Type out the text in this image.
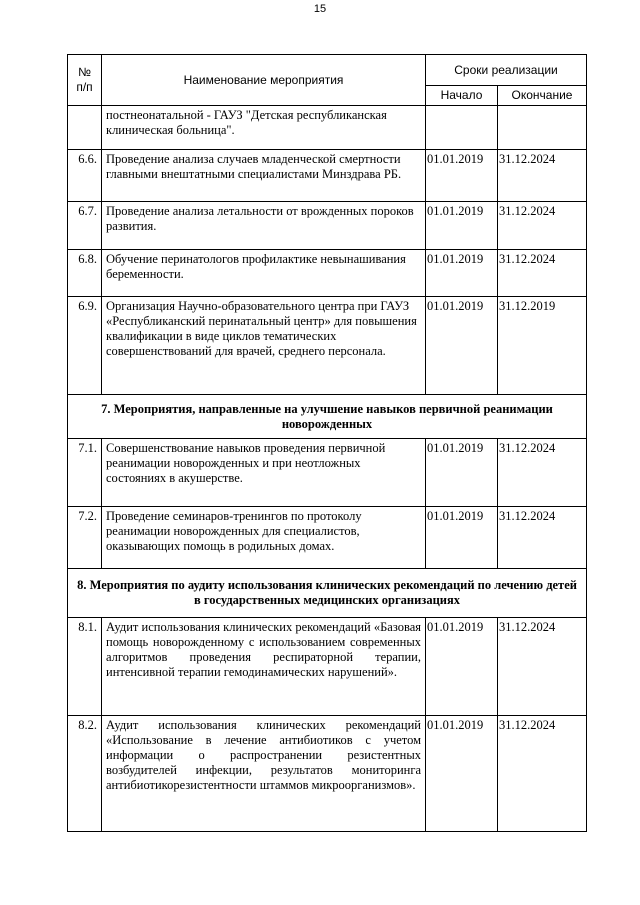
15
№
п/п	Наименование мероприятия	Сроки реализации	
		Начало	Окончание
	постнеонатальной - ГАУЗ "Детская республиканская клиническая больница".		
6.6.	Проведение анализа случаев младенческой смертности главными внештатными специалистами Минздрава РБ.	01.01.2019	31.12.2024
6.7.	Проведение анализа летальности от врожденных пороков развития.	01.01.2019	31.12.2024
6.8.	Обучение перинатологов профилактике невынашивания беременности.	01.01.2019	31.12.2024
6.9.	Организация Научно-образовательного центра при ГАУЗ «Республиканский перинатальный центр» для повышения квалификации в виде циклов тематических совершенствований для врачей, среднего персонала.	01.01.2019	31.12.2019
7. Мероприятия, направленные на улучшение навыков первичной реанимации новорожденных			
7.1.	Совершенствование навыков проведения первичной реанимации новорожденных и при неотложных состояниях в акушерстве.	01.01.2019	31.12.2024
7.2.	Проведение семинаров-тренингов по протоколу реанимации новорожденных для специалистов, оказывающих помощь в родильных домах.	01.01.2019	31.12.2024
8. Мероприятия по аудиту использования клинических рекомендаций по лечению детей в государственных медицинских организациях			
8.1.	Аудит использования клинических рекомендаций «Базовая помощь новорожденному с использованием современных алгоритмов проведения респираторной терапии, интенсивной терапии гемодинамических нарушений».	01.01.2019	31.12.2024
8.2.	Аудит использования клинических рекомендаций «Использование в лечение антибиотиков с учетом информации о распространении резистентных возбудителей инфекции, результатов мониторинга антибиотикорезистентности штаммов микроорганизмов».	01.01.2019	31.12.2024
